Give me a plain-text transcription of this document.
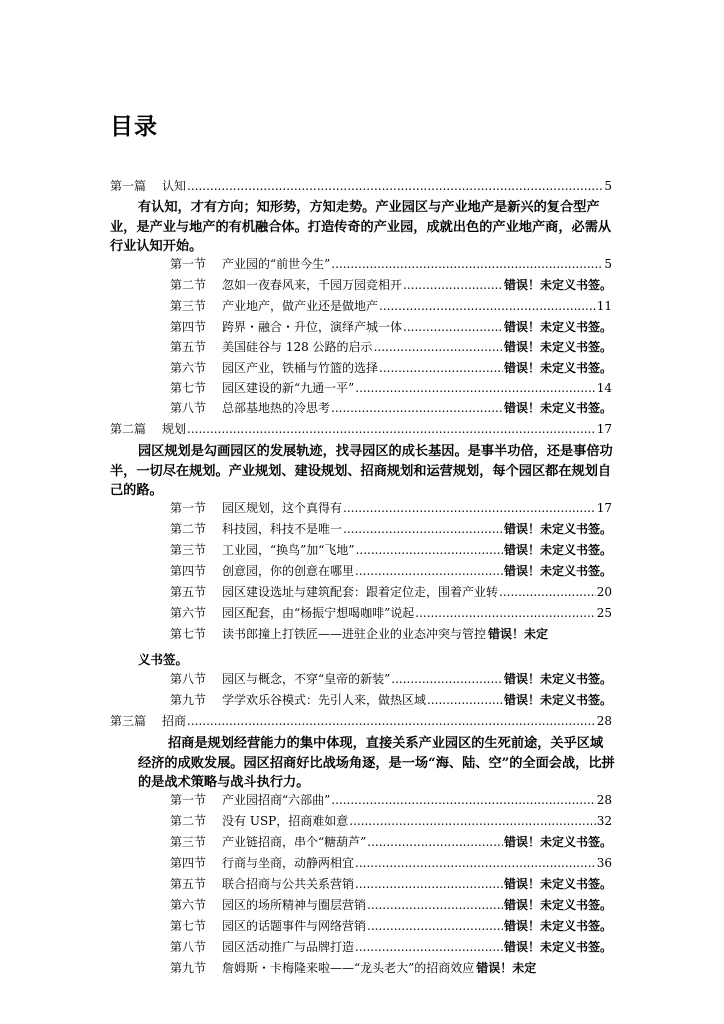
目录
第一篇 认知 .....	5
有认知，才有方向；知形势，方知走势。产业园区与产业地产是新兴的复合型产业，是产业与地产的有机融合体。打造传奇的产业园，成就出色的产业地产商，必需从行业认知开始。
第一节 产业园的“前世今生” .....	5
第二节 忽如一夜春风来，千园万园竞相开 .....	错误！未定义书签。
第三节 产业地产，做产业还是做地产 .....	11
第四节 跨界・融合・升位，演绎产城一体 .....	错误！未定义书签。
第五节 美国硅谷与 128 公路的启示 .....	错误！未定义书签。
第六节 园区产业，铁桶与竹篮的选择 .....	错误！未定义书签。
第七节 园区建设的新“九通一平” .....	14
第八节 总部基地热的冷思考 .....	错误！未定义书签。
第二篇 规划 .....	17
园区规划是勾画园区的发展轨迹，找寻园区的成长基因。是事半功倍，还是事倍功半，一切尽在规划。产业规划、建设规划、招商规划和运营规划，每个园区都在规划自己的路。
第一节 园区规划，这个真得有 .....	17
第二节 科技园，科技不是唯一 .....	错误！未定义书签。
第三节 工业园，“换鸟”加“飞地” .....	错误！未定义书签。
第四节 创意园，你的创意在哪里 .....	错误！未定义书签。
第五节 园区建设选址与建筑配套：跟着定位走，围着产业转 .....	20
第六节 园区配套，由“杨振宁想喝咖啡”说起 .....	25
第七节 读书郎撞上打铁匠——进驻企业的业态冲突与管控 错误！未定
义书签。
第八节 园区与概念，不穿“皇帝的新装” .....	错误！未定义书签。
第九节 学学欢乐谷模式：先引人来，做热区域 .....	错误！未定义书签。
第三篇 招商 .....	28
招商是规划经营能力的集中体现，直接关系产业园区的生死前途，关乎区域经济的成败发展。园区招商好比战场角逐，是一场“海、陆、空”的全面会战，比拼的是战术策略与战斗执行力。
第一节 产业园招商“六部曲” .....	28
第二节 没有 USP，招商难如意 .....	32
第三节 产业链招商，串个“糖葫芦” .....	错误！未定义书签。
第四节 行商与坐商，动静两相宜 .....	36
第五节 联合招商与公共关系营销 .....	错误！未定义书签。
第六节 园区的场所精神与圈层营销 .....	错误！未定义书签。
第七节 园区的话题事件与网络营销 .....	错误！未定义书签。
第八节 园区活动推广与品牌打造 .....	错误！未定义书签。
第九节 詹姆斯・卡梅隆来啦——“龙头老大”的招商效应 错误！未定
